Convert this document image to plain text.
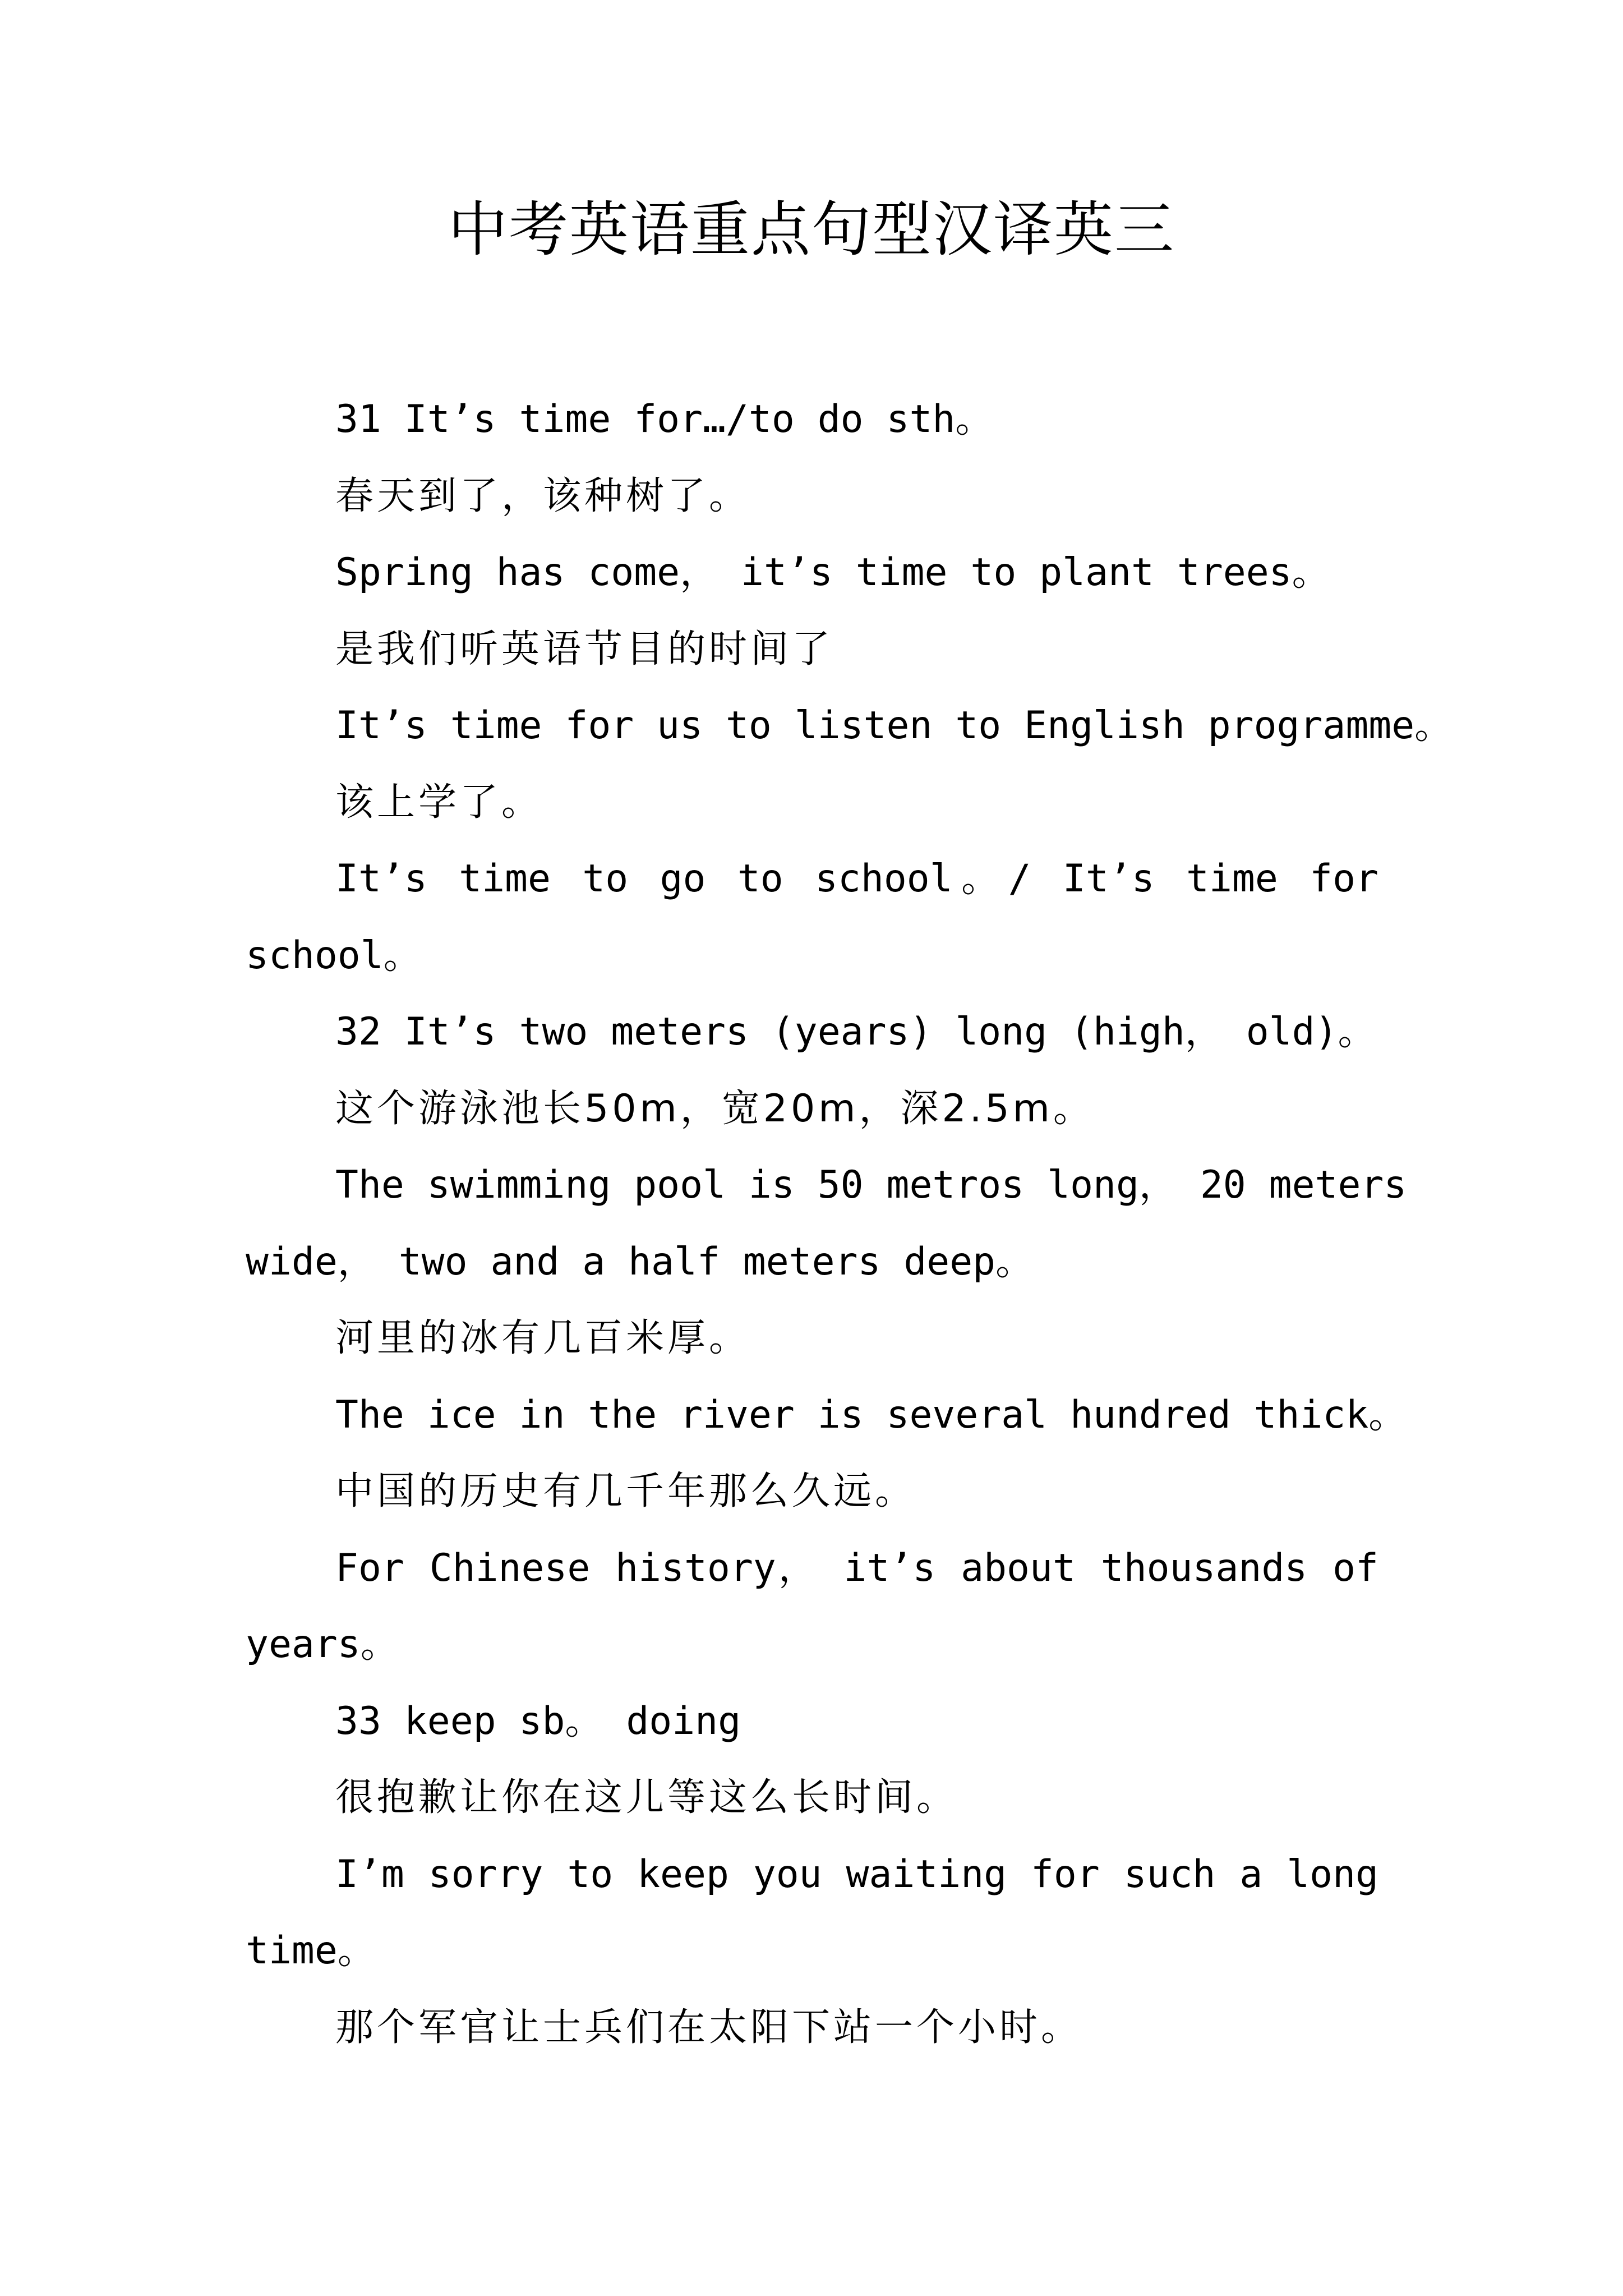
中考英语重点句型汉译英三
31 It’s time for…/to do sth。
春天到了，该种树了。
Spring has come， it’s time to plant trees。
是我们听英语节目的时间了
It’s time for us to listen to English programme。
该上学了。
It’s time to go to school。/ It’s time for
school。
32 It’s two meters (years) long (high， old)。
这个游泳池长50m，宽20m，深2.5m。
The swimming pool is 50 metros long， 20 meters
wide， two and a half meters deep。
河里的冰有几百米厚。
The ice in the river is several hundred thick。
中国的历史有几千年那么久远。
For Chinese history， it’s about thousands of
years。
33 keep sb。 doing
很抱歉让你在这儿等这么长时间。
I’m sorry to keep you waiting for such a long
time。
那个军官让士兵们在太阳下站一个小时。
